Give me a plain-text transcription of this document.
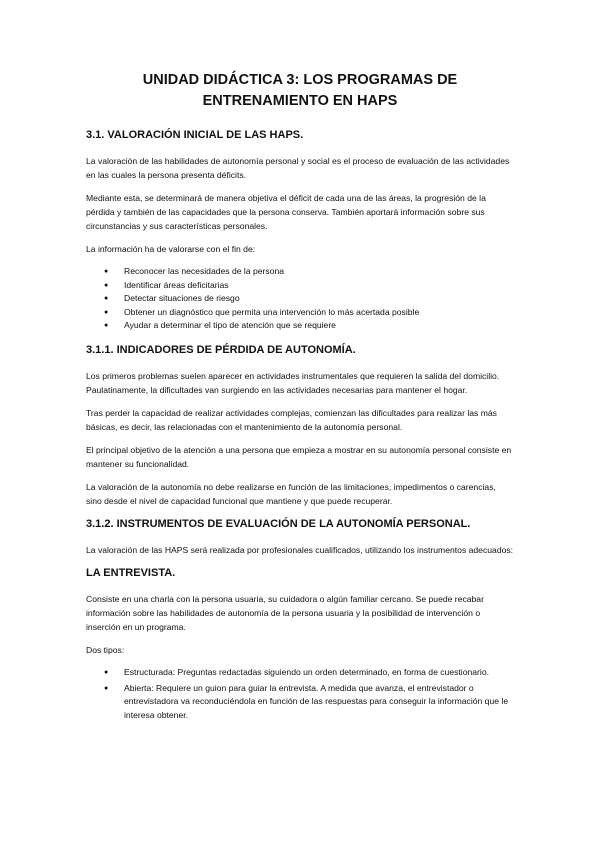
UNIDAD DIDÁCTICA 3: LOS PROGRAMAS DE ENTRENAMIENTO EN HAPS
3.1. VALORACIÓN INICIAL DE LAS HAPS.

La valoración de las habilidades de autonomía personal y social es el proceso de evaluación de las actividades en las cuales la persona presenta déficits.

Mediante esta, se determinará de manera objetiva el déficit de cada una de las áreas, la progresión de la pérdida y también de las capacidades que la persona conserva. También aportará información sobre sus circunstancias y sus características personales.

La información ha de valorarse con el fin de:

● Reconocer las necesidades de la persona
● Identificar áreas deficitarias
● Detectar situaciones de riesgo
● Obtener un diagnóstico que permita una intervención lo más acertada posible
● Ayudar a determinar el tipo de atención que se requiere
3.1.1. INDICADORES DE PÉRDIDA DE AUTONOMÍA.

Los primeros problemas suelen aparecer en actividades instrumentales que requieren la salida del domicilio. Paulatinamente, la dificultades van surgiendo en las actividades necesarias para mantener el hogar.

Tras perder la capacidad de realizar actividades complejas, comienzan las dificultades para realizar las más básicas, es decir, las relacionadas con el mantenimiento de la autonomía personal.

El principal objetivo de la atención a una persona que empieza a mostrar en su autonomía personal consiste en mantener su funcionalidad.

La valoración de la autonomía no debe realizarse en función de las limitaciones, impedimentos o carencias, sino desde el nivel de capacidad funcional que mantiene y que puede recuperar.

3.1.2. INSTRUMENTOS DE EVALUACIÓN DE LA AUTONOMÍA PERSONAL.

La valoración de las HAPS será realizada por profesionales cualificados, utilizando los instrumentos adecuados:

LA ENTREVISTA.

Consiste en una charla con la persona usuaria, su cuidadora o algún familiar cercano. Se puede recabar información sobre las habilidades de autonomía de la persona usuaria y la posibilidad de intervención o inserción en un programa.

Dos tipos:

● Estructurada: Preguntas redactadas siguiendo un orden determinado, en forma de cuestionario.
● Abierta: Requiere un guion para guiar la entrevista. A medida que avanza, el entrevistador o entrevistadora va reconduciéndola en función de las respuestas para conseguir la información que le interesa obtener.
